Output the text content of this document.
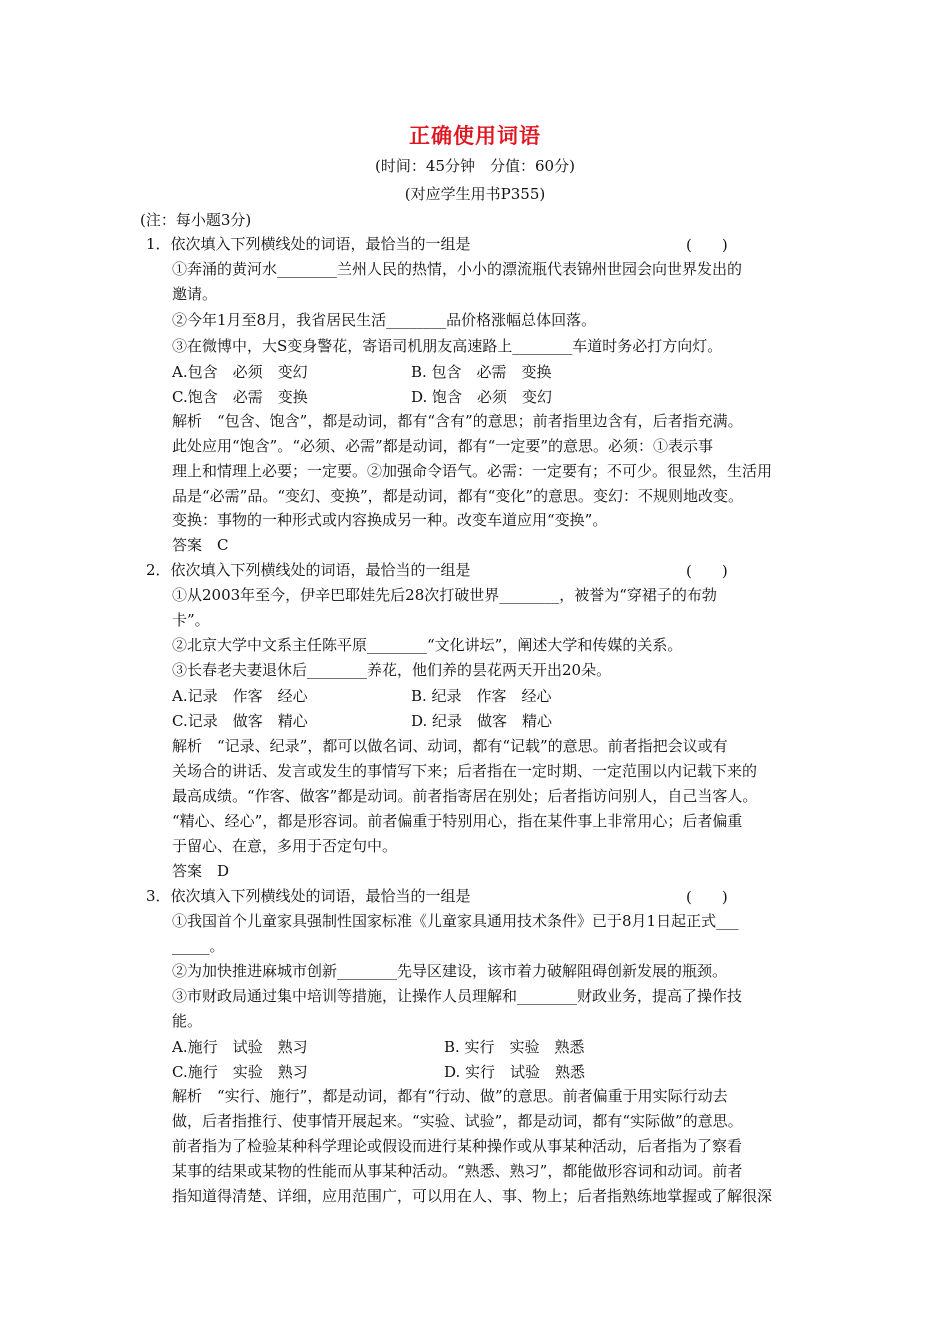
正确使用词语
(时间：45分钟　分值：60分)
(对应学生用书P355)
(注：每小题3分)
1．依次填入下列横线处的词语，最恰当的一组是	(　　)
①奔涌的黄河水________兰州人民的热情，小小的漂流瓶代表锦州世园会向世界发出的
邀请。
②今年1月至8月，我省居民生活________品价格涨幅总体回落。
③在微博中，大S变身警花，寄语司机朋友高速路上________车道时务必打方向灯。
A.包含　必须　变幻	B. 包含　必需　变换
C.饱含　必需　变换	D. 饱含　必须　变幻
解析　“包含、饱含”，都是动词，都有“含有”的意思；前者指里边含有，后者指充满。
此处应用“饱含”。“必须、必需”都是动词，都有“一定要”的意思。必须：①表示事
理上和情理上必要；一定要。②加强命令语气。必需：一定要有；不可少。很显然，生活用
品是“必需”品。“变幻、变换”，都是动词，都有“变化”的意思。变幻：不规则地改变。
变换：事物的一种形式或内容换成另一种。改变车道应用“变换”。
答案　C
2．依次填入下列横线处的词语，最恰当的一组是	(　　)
①从2003年至今，伊辛巴耶娃先后28次打破世界________，被誉为“穿裙子的布勃
卡”。
②北京大学中文系主任陈平原________“文化讲坛”，阐述大学和传媒的关系。
③长春老夫妻退休后________养花，他们养的昙花两天开出20朵。
A.记录　作客　经心	B. 纪录　作客　经心
C.记录　做客　精心	D. 纪录　做客　精心
解析　“记录、纪录”，都可以做名词、动词，都有“记载”的意思。前者指把会议或有
关场合的讲话、发言或发生的事情写下来；后者指在一定时期、一定范围以内记载下来的
最高成绩。“作客、做客”都是动词。前者指寄居在别处；后者指访问别人，自己当客人。
“精心、经心”，都是形容词。前者偏重于特别用心，指在某件事上非常用心；后者偏重
于留心、在意，多用于否定句中。
答案　D
3．依次填入下列横线处的词语，最恰当的一组是	(　　)
①我国首个儿童家具强制性国家标准《儿童家具通用技术条件》已于8月1日起正式___
_____。
②为加快推进麻城市创新________先导区建设，该市着力破解阻碍创新发展的瓶颈。
③市财政局通过集中培训等措施，让操作人员理解和________财政业务，提高了操作技
能。
A.施行　试验　熟习	B. 实行　实验　熟悉
C.施行　实验　熟习	D. 实行　试验　熟悉
解析　“实行、施行”，都是动词，都有“行动、做”的意思。前者偏重于用实际行动去
做，后者指推行、使事情开展起来。“实验、试验”，都是动词，都有“实际做”的意思。
前者指为了检验某种科学理论或假设而进行某种操作或从事某种活动，后者指为了察看
某事的结果或某物的性能而从事某种活动。“熟悉、熟习”，都能做形容词和动词。前者
指知道得清楚、详细，应用范围广，可以用在人、事、物上；后者指熟练地掌握或了解很深
